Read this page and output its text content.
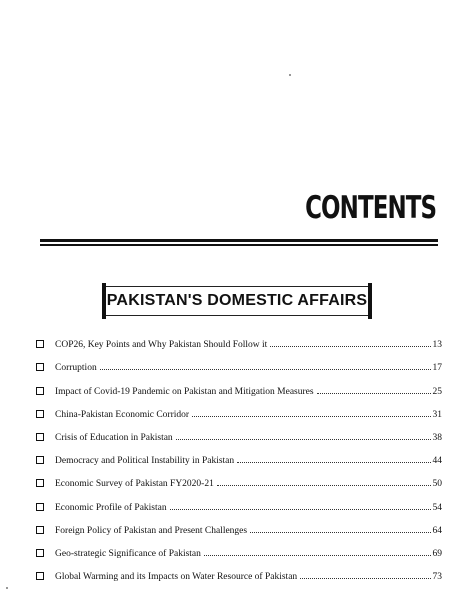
CONTENTS
PAKISTAN'S DOMESTIC AFFAIRS
COP26, Key Points and Why Pakistan Should Follow it	13
Corruption	17
Impact of Covid-19 Pandemic on Pakistan and Mitigation Measures	25
China-Pakistan Economic Corridor	31
Crisis of Education in Pakistan	38
Democracy and Political Instability in Pakistan	44
Economic Survey of Pakistan FY2020-21	50
Economic Profile of Pakistan	54
Foreign Policy of Pakistan and Present Challenges	64
Geo-strategic Significance of Pakistan	69
Global Warming and its Impacts on Water Resource of Pakistan	73
